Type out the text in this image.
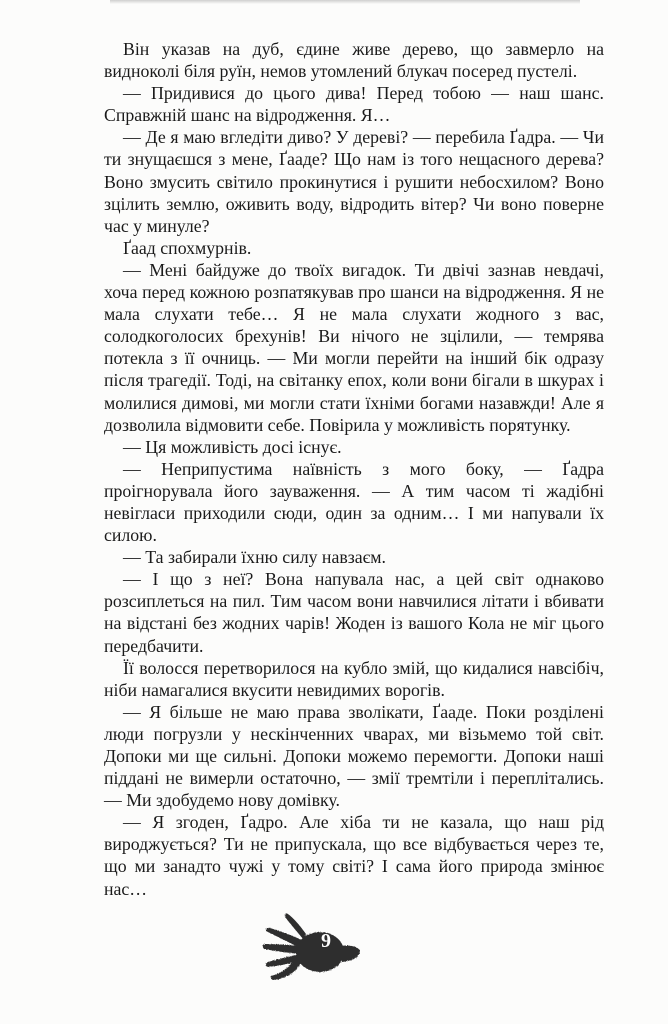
Він указав на дуб, єдине живе дерево, що завмерло на видноколі біля руїн, немов утомлений блукач посеред пустелі.

— Придивися до цього дива! Перед тобою — наш шанс. Справжній шанс на відродження. Я…

— Де я маю вгледіти диво? У дереві? — перебила Ґадра. — Чи ти знущаєшся з мене, Ґааде? Що нам із того нещасного дерева? Воно змусить світило прокинутися і рушити небосхилом? Воно зцілить землю, оживить воду, відродить вітер? Чи воно поверне час у минуле?

Ґаад спохмурнів.

— Мені байдуже до твоїх вигадок. Ти двічі зазнав невдачі, хоча перед кожною розпатякував про шанси на відродження. Я не мала слухати тебе… Я не мала слухати жодного з вас, солодкоголосих брехунів! Ви нічого не зцілили, — темрява потекла з її очниць. — Ми могли перейти на інший бік одразу після трагедії. Тоді, на світанку епох, коли вони бігали в шкурах і молилися димові, ми могли стати їхніми богами назавжди! Але я дозволила відмовити себе. Повірила у можливість порятунку.

— Ця можливість досі існує.

— Неприпустима наївність з мого боку, — Ґадра проігнорувала його зауваження. — А тим часом ті жадібні невігласи приходили сюди, один за одним… І ми напували їх силою.

— Та забирали їхню силу навзаєм.

— І що з неї? Вона напувала нас, а цей світ однаково розсиплеться на пил. Тим часом вони навчилися літати і вбивати на відстані без жодних чарів! Жоден із вашого Кола не міг цього передбачити.

Її волосся перетворилося на кубло змій, що кидалися навсібіч, ніби намагалися вкусити невидимих ворогів.

— Я більше не маю права зволікати, Ґааде. Поки розділені люди погрузли у нескінченних чварах, ми візьмемо той світ. Допоки ми ще сильні. Допоки можемо перемогти. Допоки наші піддані не вимерли остаточно, — змії тремтіли і переплітались. — Ми здобудемо нову домівку.

— Я згоден, Ґадро. Але хіба ти не казала, що наш рід вироджується? Ти не припускала, що все відбувається через те, що ми занадто чужі у тому світі? І сама його природа змінює нас…

9
